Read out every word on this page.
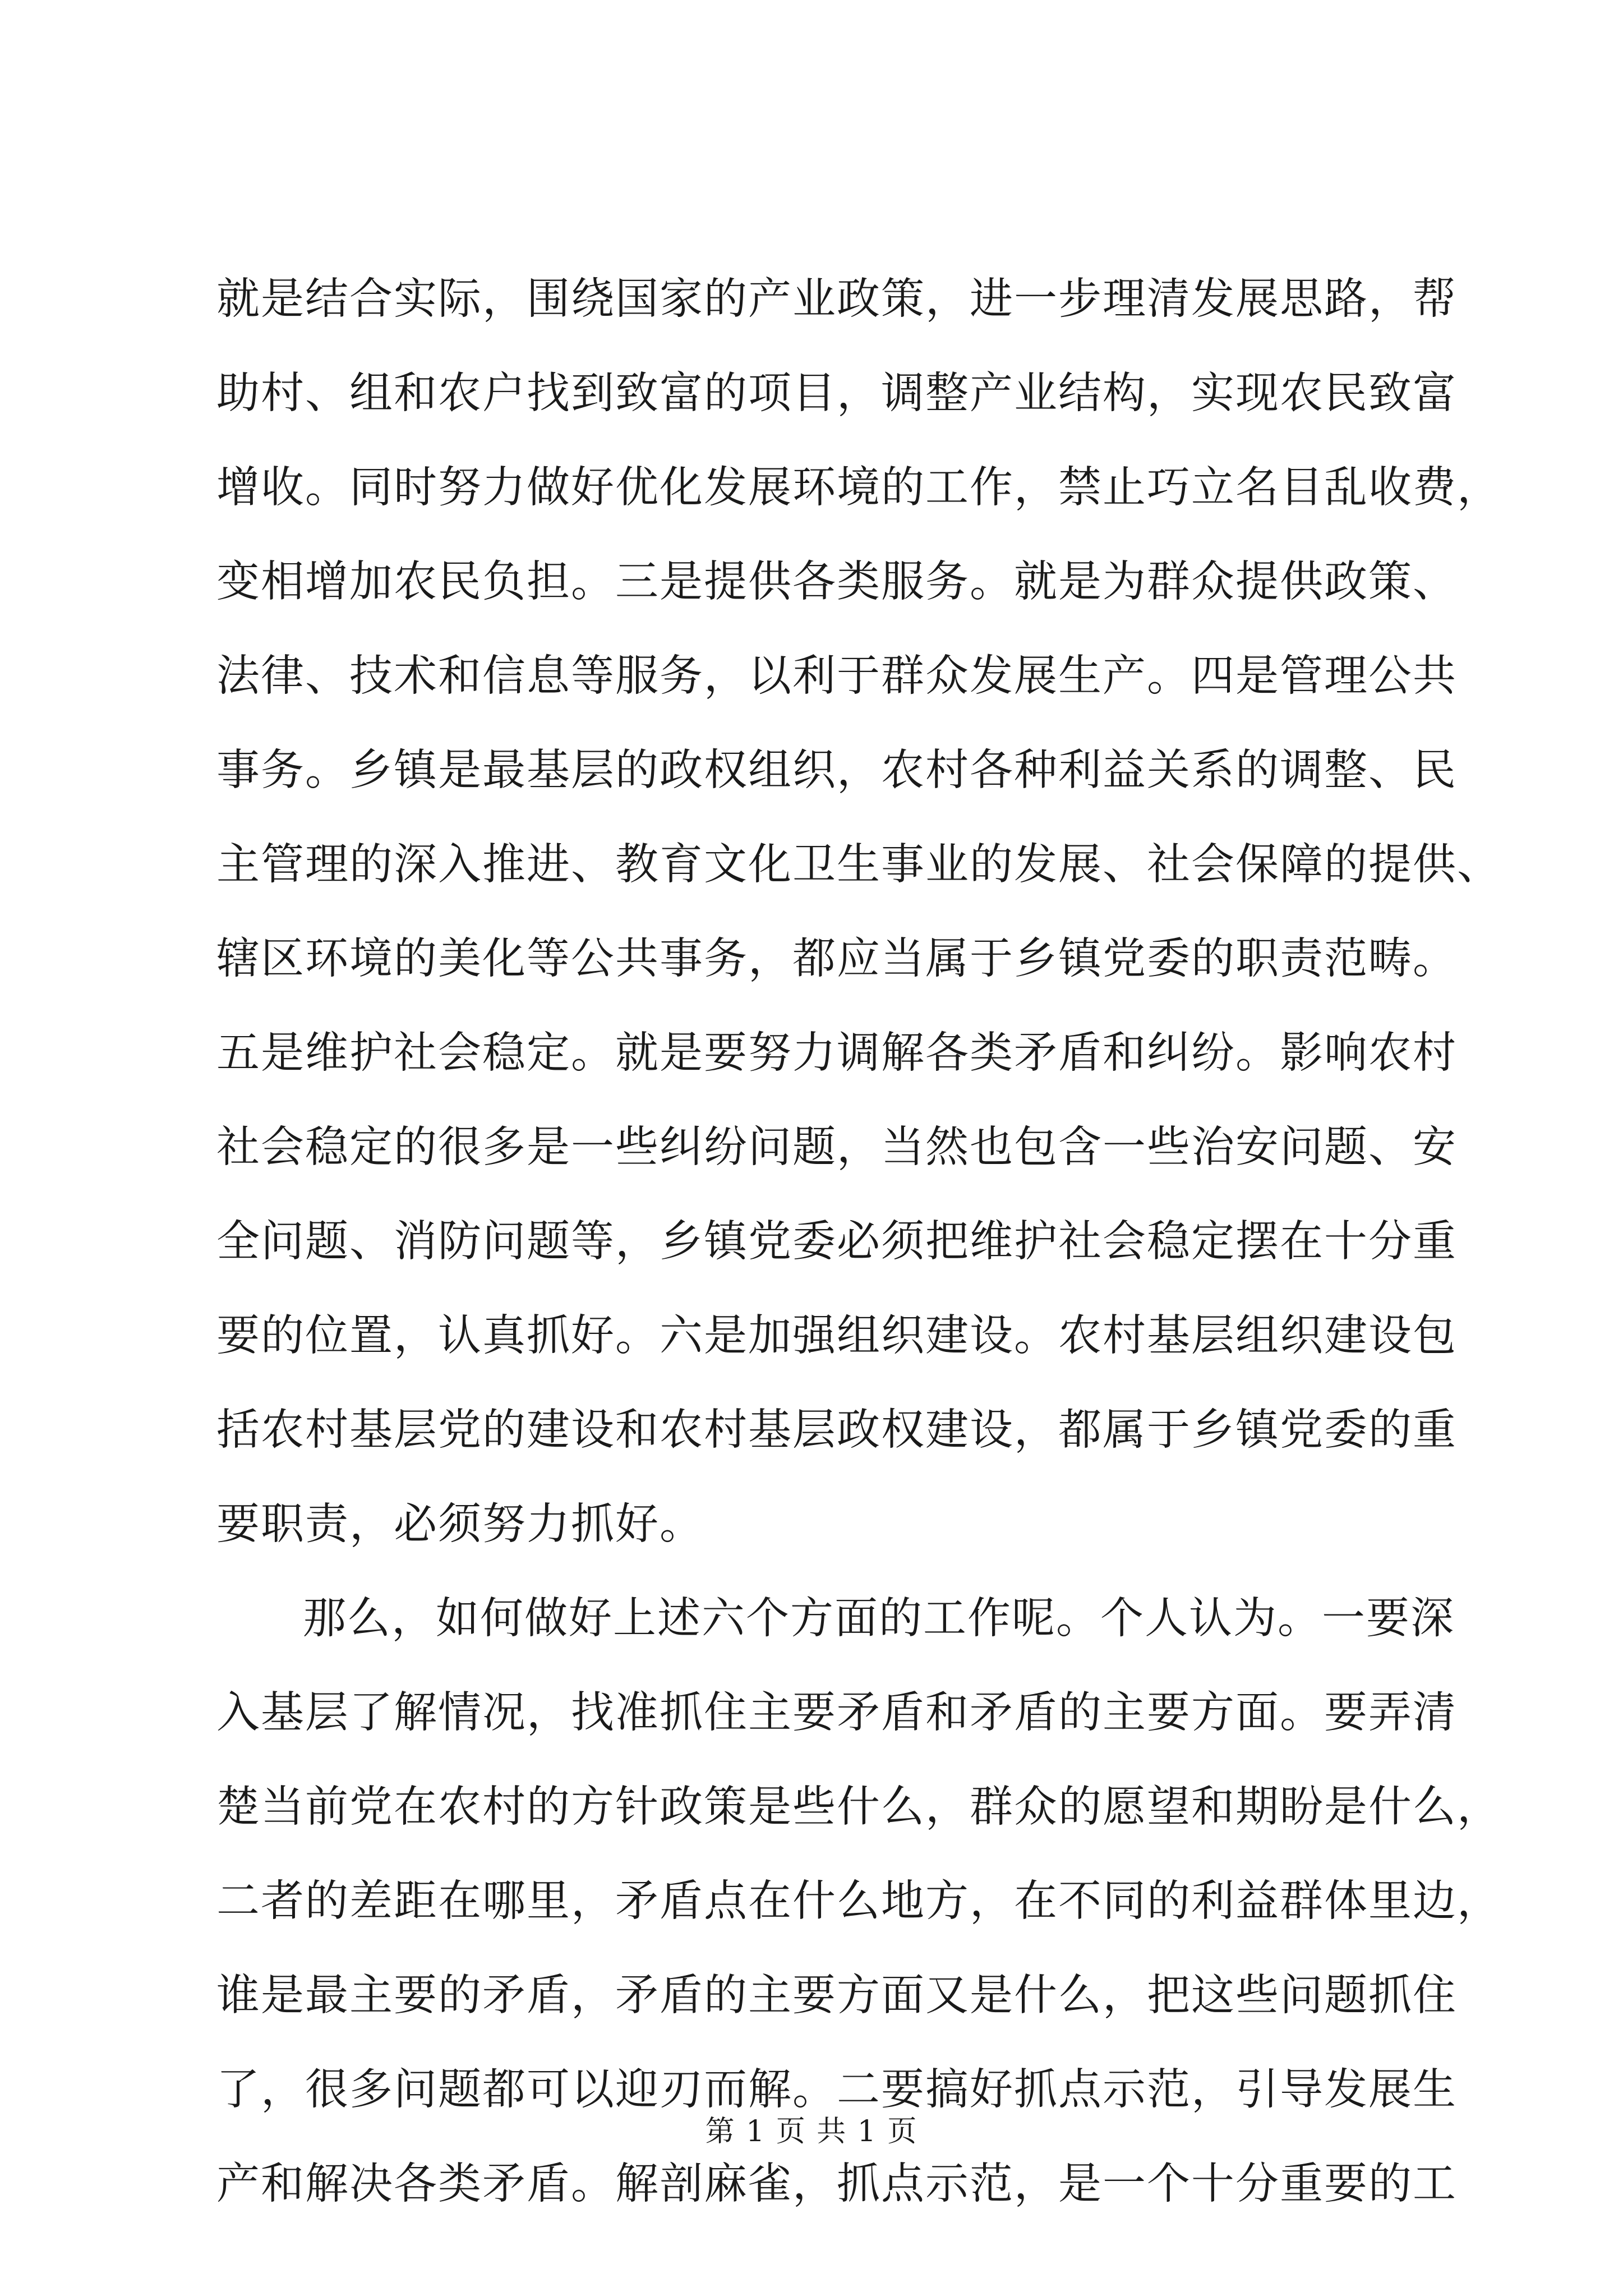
就是结合实际，围绕国家的产业政策，进一步理清发展思路，帮
助村、组和农户找到致富的项目，调整产业结构，实现农民致富
增收。同时努力做好优化发展环境的工作，禁止巧立名目乱收费，
变相增加农民负担。三是提供各类服务。就是为群众提供政策、
法律、技术和信息等服务，以利于群众发展生产。四是管理公共
事务。乡镇是最基层的政权组织，农村各种利益关系的调整、民
主管理的深入推进、教育文化卫生事业的发展、社会保障的提供、
辖区环境的美化等公共事务，都应当属于乡镇党委的职责范畴。
五是维护社会稳定。就是要努力调解各类矛盾和纠纷。影响农村
社会稳定的很多是一些纠纷问题，当然也包含一些治安问题、安
全问题、消防问题等，乡镇党委必须把维护社会稳定摆在十分重
要的位置，认真抓好。六是加强组织建设。农村基层组织建设包
括农村基层党的建设和农村基层政权建设，都属于乡镇党委的重
要职责，必须努力抓好。
那么，如何做好上述六个方面的工作呢。个人认为。一要深
入基层了解情况，找准抓住主要矛盾和矛盾的主要方面。要弄清
楚当前党在农村的方针政策是些什么，群众的愿望和期盼是什么，
二者的差距在哪里，矛盾点在什么地方，在不同的利益群体里边，
谁是最主要的矛盾，矛盾的主要方面又是什么，把这些问题抓住
了，很多问题都可以迎刃而解。二要搞好抓点示范，引导发展生
产和解决各类矛盾。解剖麻雀，抓点示范，是一个十分重要的工
第 1 页 共 1 页
